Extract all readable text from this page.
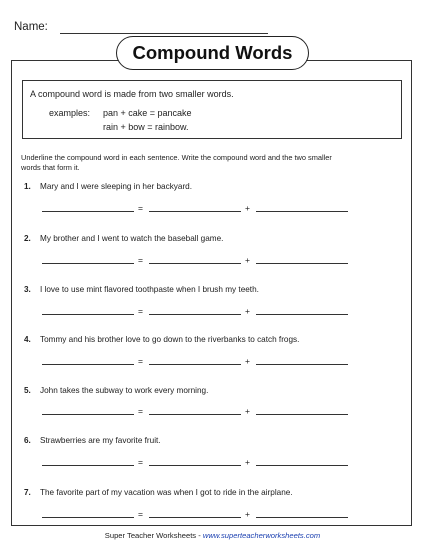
Name:
Compound Words
A compound word is made from two smaller words.
examples: pan + cake = pancake
rain + bow = rainbow.
Underline the compound word in each sentence. Write the compound word and the two smaller words that form it.
1. Mary and I were sleeping in her backyard.
=	+
2. My brother and I went to watch the baseball game.
=	+
3. I love to use mint flavored toothpaste when I brush my teeth.
=	+
4. Tommy and his brother love to go down to the riverbanks to catch frogs.
=	+
5. John takes the subway to work every morning.
=	+
6. Strawberries are my favorite fruit.
=	+
7. The favorite part of my vacation was when I got to ride in the airplane.
=	+
Super Teacher Worksheets - www.superteacherworksheets.com
